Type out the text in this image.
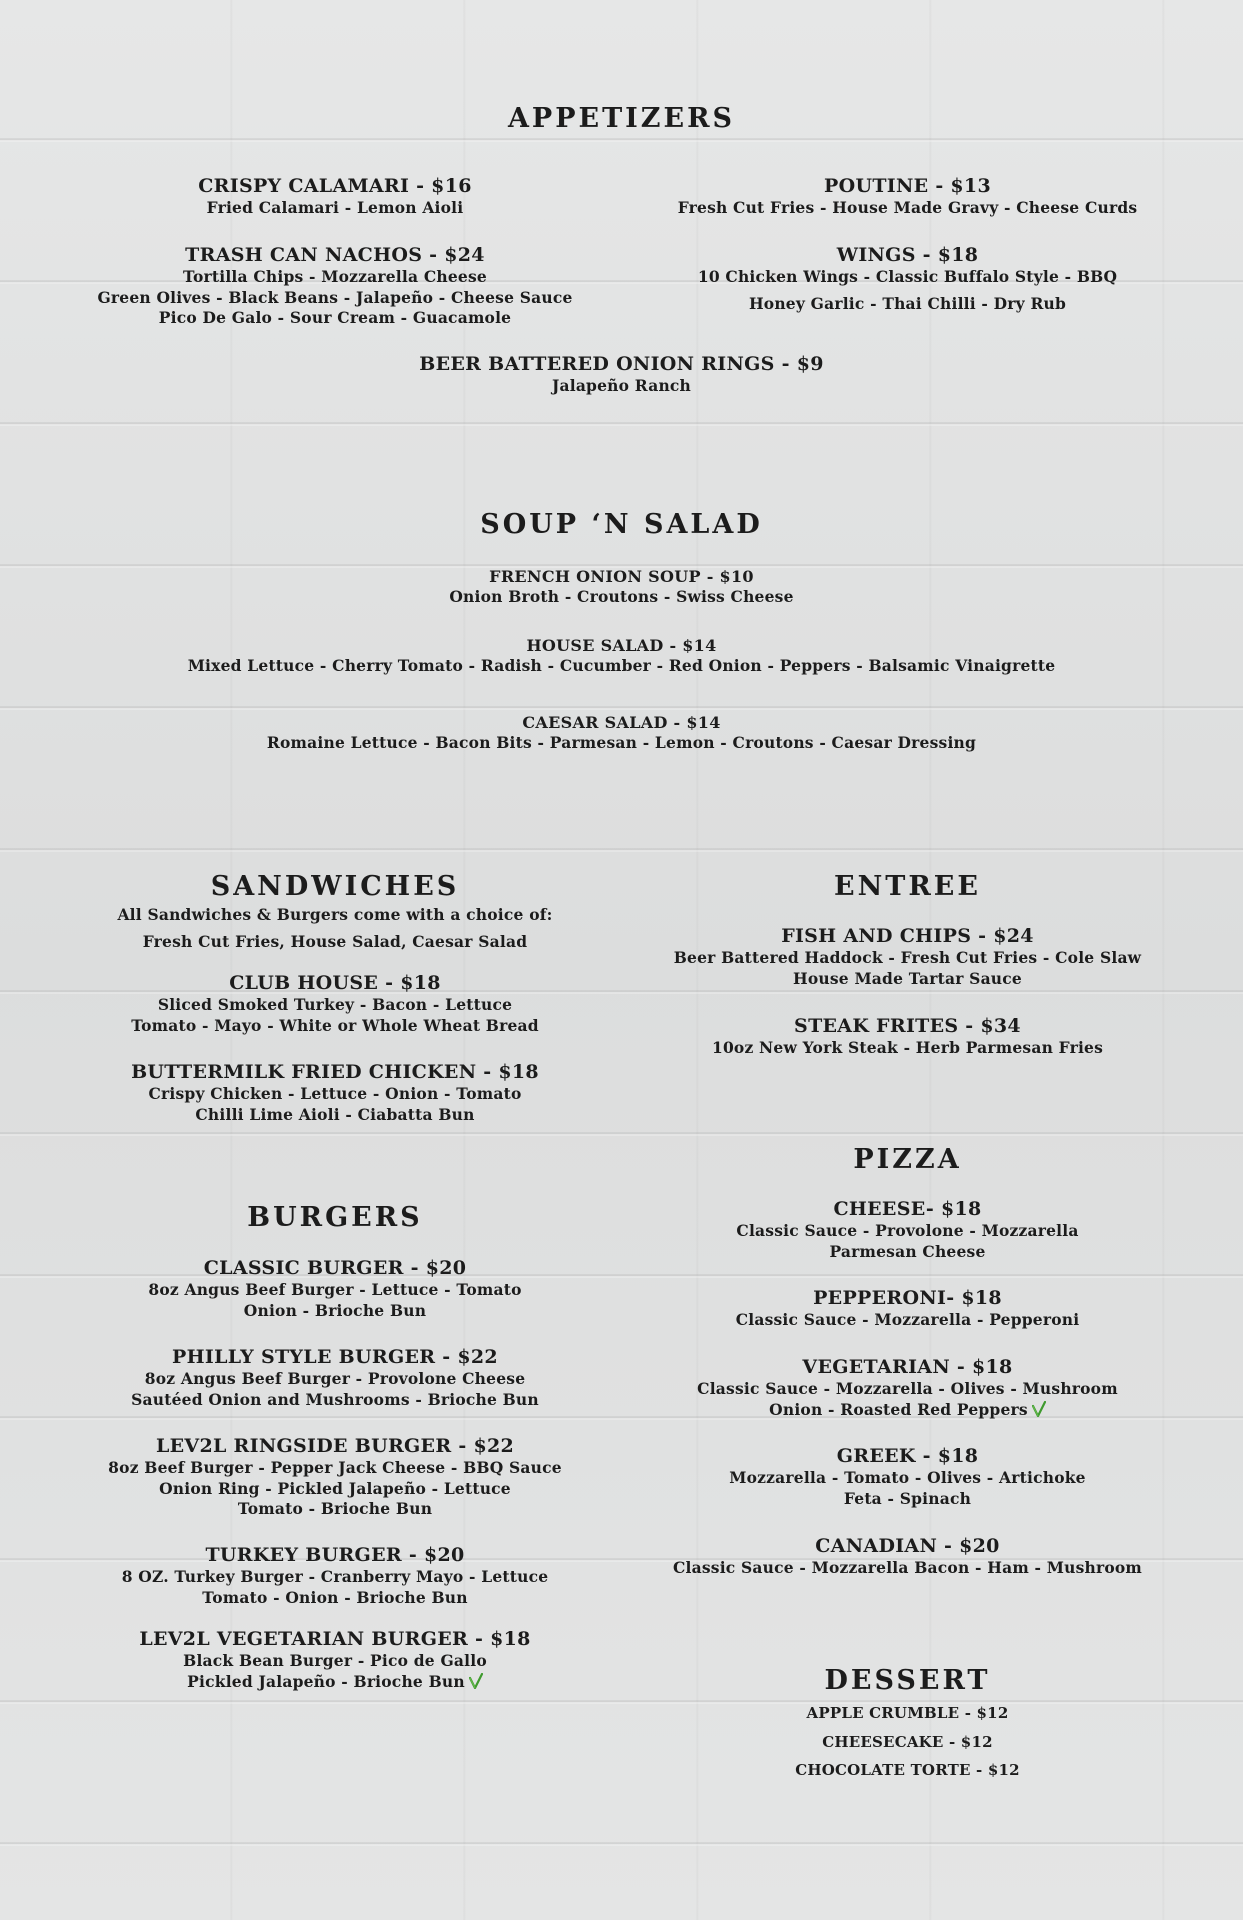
APPETIZERS
CRISPY CALAMARI - $16
Fried Calamari - Lemon Aioli
POUTINE - $13
Fresh Cut Fries - House Made Gravy - Cheese Curds
TRASH CAN NACHOS - $24
Tortilla Chips - Mozzarella Cheese
Green Olives - Black Beans - Jalapeño - Cheese Sauce
Pico De Galo - Sour Cream - Guacamole
WINGS - $18
10 Chicken Wings - Classic Buffalo Style - BBQ
Honey Garlic - Thai Chilli - Dry Rub
BEER BATTERED ONION RINGS - $9
Jalapeño Ranch
SOUP ‘N SALAD
FRENCH ONION SOUP - $10
Onion Broth - Croutons - Swiss Cheese
HOUSE SALAD - $14
Mixed Lettuce - Cherry Tomato - Radish - Cucumber - Red Onion - Peppers - Balsamic Vinaigrette
CAESAR SALAD - $14
Romaine Lettuce - Bacon Bits - Parmesan - Lemon - Croutons - Caesar Dressing
SANDWICHES
All Sandwiches & Burgers come with a choice of:
Fresh Cut Fries, House Salad, Caesar Salad
CLUB HOUSE - $18
Sliced Smoked Turkey - Bacon - Lettuce
Tomato - Mayo - White or Whole Wheat Bread
BUTTERMILK FRIED CHICKEN - $18
Crispy Chicken - Lettuce - Onion - Tomato
Chilli Lime Aioli - Ciabatta Bun
ENTREE
FISH AND CHIPS - $24
Beer Battered Haddock - Fresh Cut Fries - Cole Slaw
House Made Tartar Sauce
STEAK FRITES - $34
10oz New York Steak - Herb Parmesan Fries
BURGERS
CLASSIC BURGER - $20
8oz Angus Beef Burger - Lettuce - Tomato
Onion - Brioche Bun
PHILLY STYLE BURGER - $22
8oz Angus Beef Burger - Provolone Cheese
Sautéed Onion and Mushrooms - Brioche Bun
LEV2L RINGSIDE BURGER - $22
8oz Beef Burger - Pepper Jack Cheese - BBQ Sauce
Onion Ring - Pickled Jalapeño - Lettuce
Tomato - Brioche Bun
TURKEY BURGER - $20
8 OZ. Turkey Burger - Cranberry Mayo - Lettuce
Tomato - Onion - Brioche Bun
LEV2L VEGETARIAN BURGER - $18
Black Bean Burger - Pico de Gallo
Pickled Jalapeño - Brioche Bun
PIZZA
CHEESE- $18
Classic Sauce - Provolone - Mozzarella
Parmesan Cheese
PEPPERONI- $18
Classic Sauce - Mozzarella - Pepperoni
VEGETARIAN - $18
Classic Sauce - Mozzarella - Olives - Mushroom
Onion - Roasted Red Peppers
GREEK - $18
Mozzarella - Tomato - Olives - Artichoke
Feta - Spinach
CANADIAN - $20
Classic Sauce - Mozzarella Bacon - Ham - Mushroom
DESSERT
APPLE CRUMBLE - $12
CHEESECAKE - $12
CHOCOLATE TORTE - $12
